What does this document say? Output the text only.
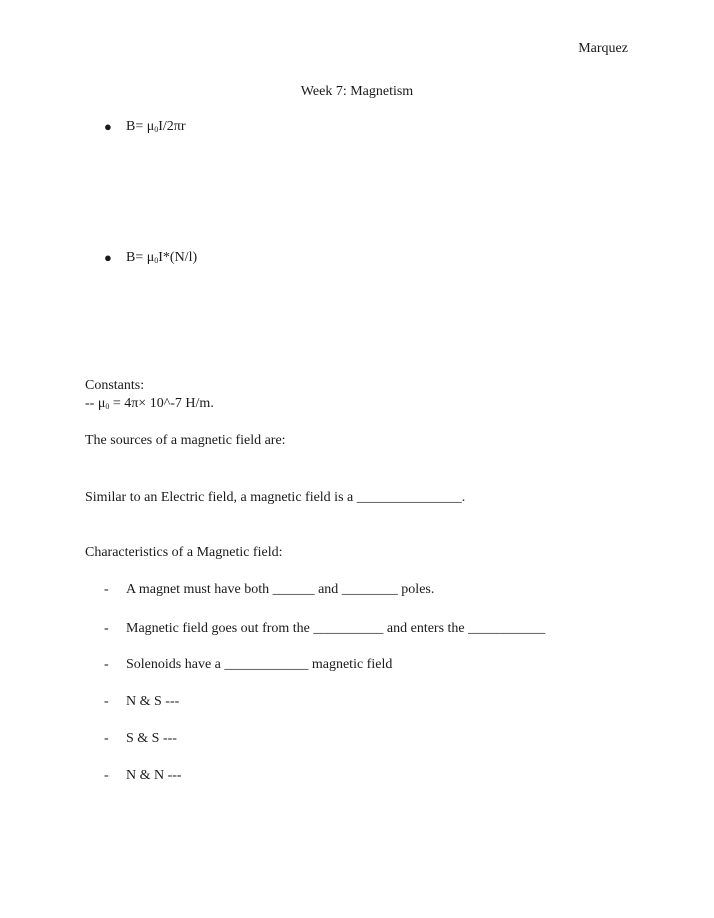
Marquez
Week 7: Magnetism
● $B= \mu_0I/2\pi r$
● $B= \mu_0I*(N/l)$
Constants:
-- $\mu_0 = 4\pi\times$ 10^-7 H/m.
The sources of a magnetic field are:
Similar to an Electric field, a magnetic field is a _______________.
Characteristics of a Magnetic field:
- A magnet must have both ______ and ________ poles.
- Magnetic field goes out from the __________ and enters the ___________
- Solenoids have a ____________ magnetic field
- N & S ---
- S & S ---
- N & N ---
